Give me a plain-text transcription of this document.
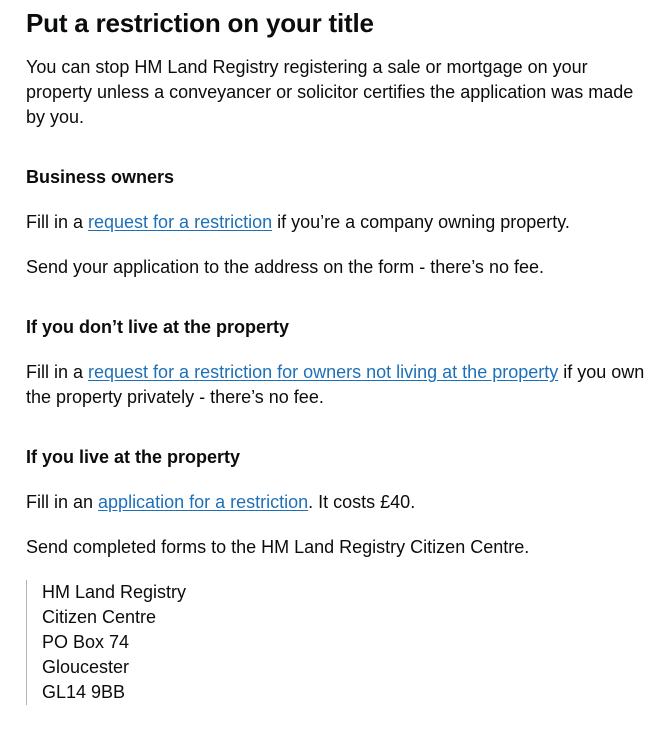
Put a restriction on your title

You can stop HM Land Registry registering a sale or mortgage on your property unless a conveyancer or solicitor certifies the application was made by you.

Business owners

Fill in a request for a restriction if you’re a company owning property.

Send your application to the address on the form - there’s no fee.

If you don’t live at the property

Fill in a request for a restriction for owners not living at the property if you own the property privately - there’s no fee.

If you live at the property

Fill in an application for a restriction. It costs £40.

Send completed forms to the HM Land Registry Citizen Centre.

HM Land Registry
Citizen Centre
PO Box 74
Gloucester
GL14 9BB
